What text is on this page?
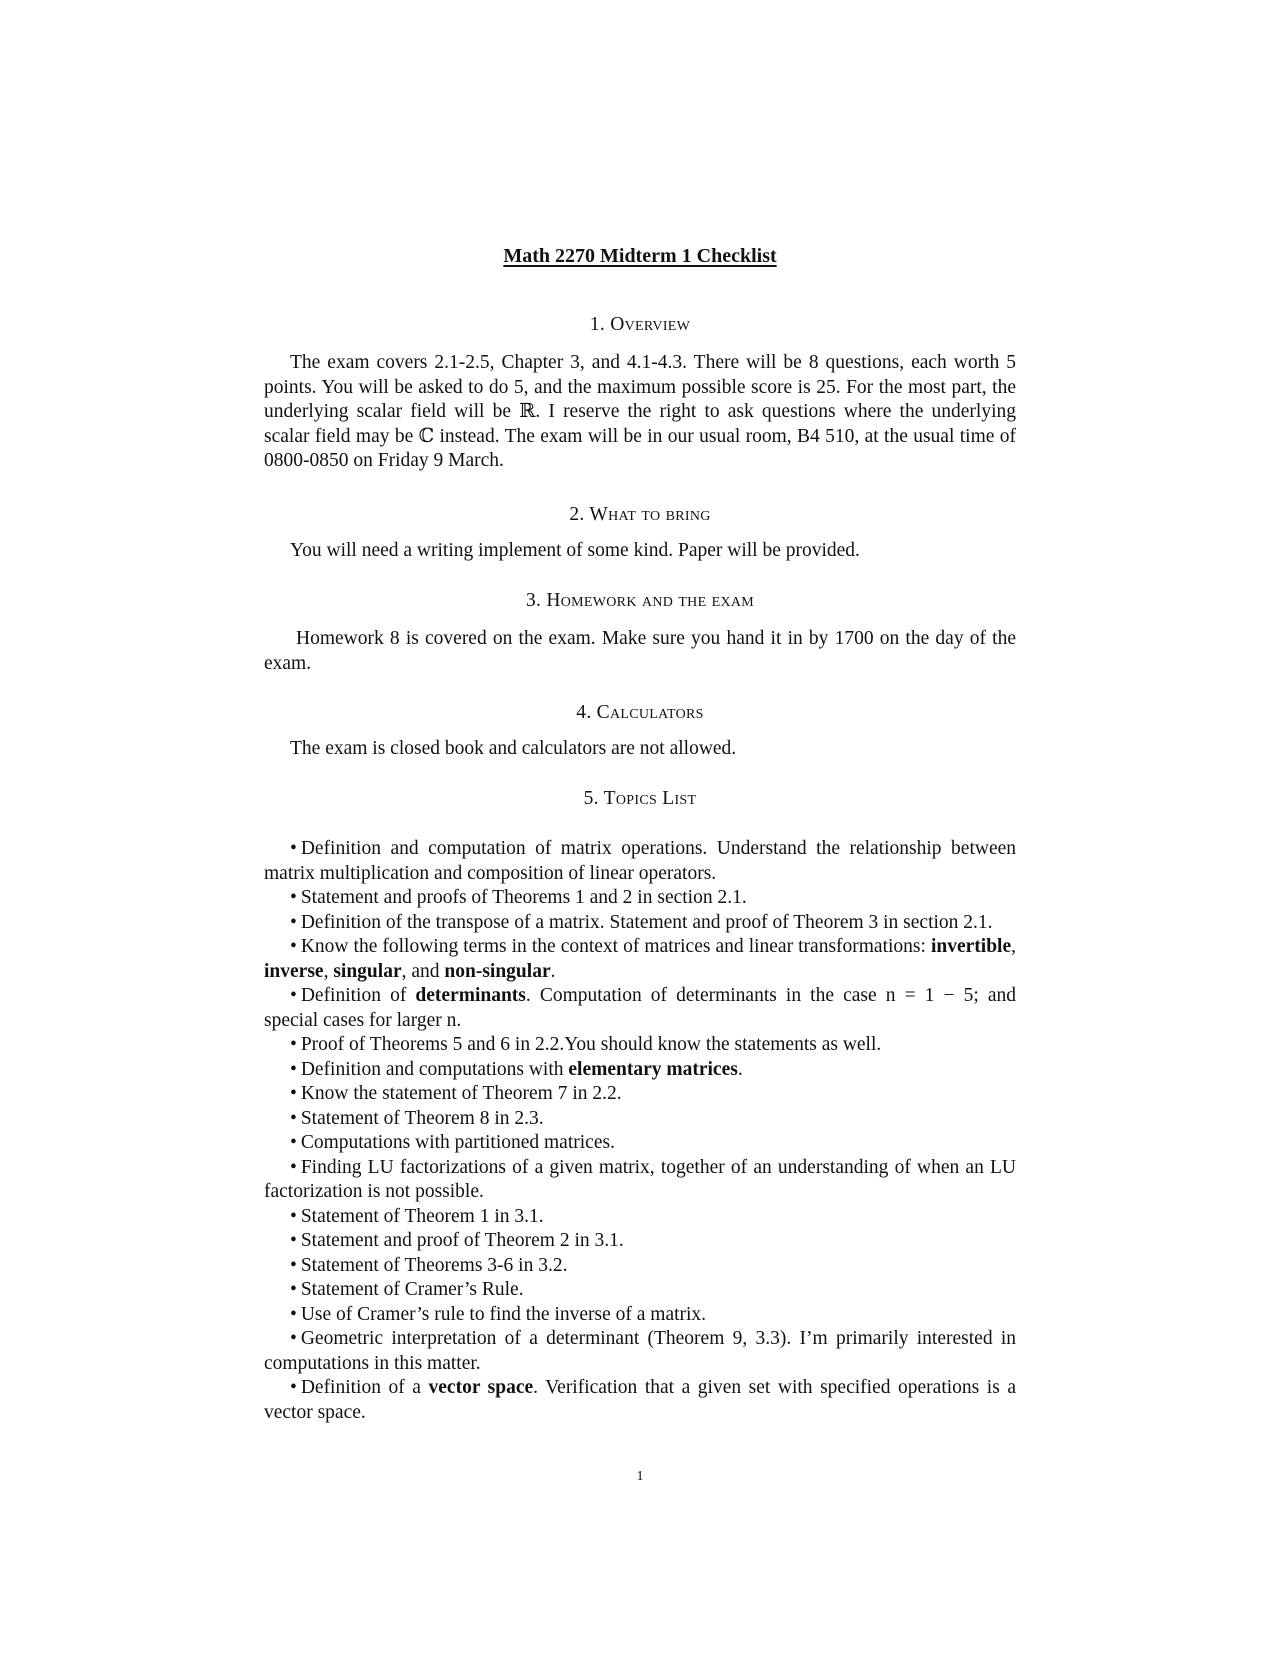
Math 2270 Midterm 1 Checklist
1. Overview
The exam covers 2.1-2.5, Chapter 3, and 4.1-4.3. There will be 8 questions, each worth 5 points. You will be asked to do 5, and the maximum possible score is 25. For the most part, the underlying scalar field will be ℝ. I reserve the right to ask questions where the underlying scalar field may be ℂ instead. The exam will be in our usual room, B4 510, at the usual time of 0800-0850 on Friday 9 March.
2. What to bring
You will need a writing implement of some kind. Paper will be provided.
3. Homework and the exam
Homework 8 is covered on the exam. Make sure you hand it in by 1700 on the day of the exam.
4. Calculators
The exam is closed book and calculators are not allowed.
5. Topics List
• Definition and computation of matrix operations. Understand the relationship between matrix multiplication and composition of linear operators.
• Statement and proofs of Theorems 1 and 2 in section 2.1.
• Definition of the transpose of a matrix. Statement and proof of Theorem 3 in section 2.1.
• Know the following terms in the context of matrices and linear transformations: invertible, inverse, singular, and non-singular.
• Definition of determinants. Computation of determinants in the case n = 1 − 5; and special cases for larger n.
• Proof of Theorems 5 and 6 in 2.2.You should know the statements as well.
• Definition and computations with elementary matrices.
• Know the statement of Theorem 7 in 2.2.
• Statement of Theorem 8 in 2.3.
• Computations with partitioned matrices.
• Finding LU factorizations of a given matrix, together of an understanding of when an LU factorization is not possible.
• Statement of Theorem 1 in 3.1.
• Statement and proof of Theorem 2 in 3.1.
• Statement of Theorems 3-6 in 3.2.
• Statement of Cramer’s Rule.
• Use of Cramer’s rule to find the inverse of a matrix.
• Geometric interpretation of a determinant (Theorem 9, 3.3). I’m primarily interested in computations in this matter.
• Definition of a vector space. Verification that a given set with specified operations is a vector space.
1
